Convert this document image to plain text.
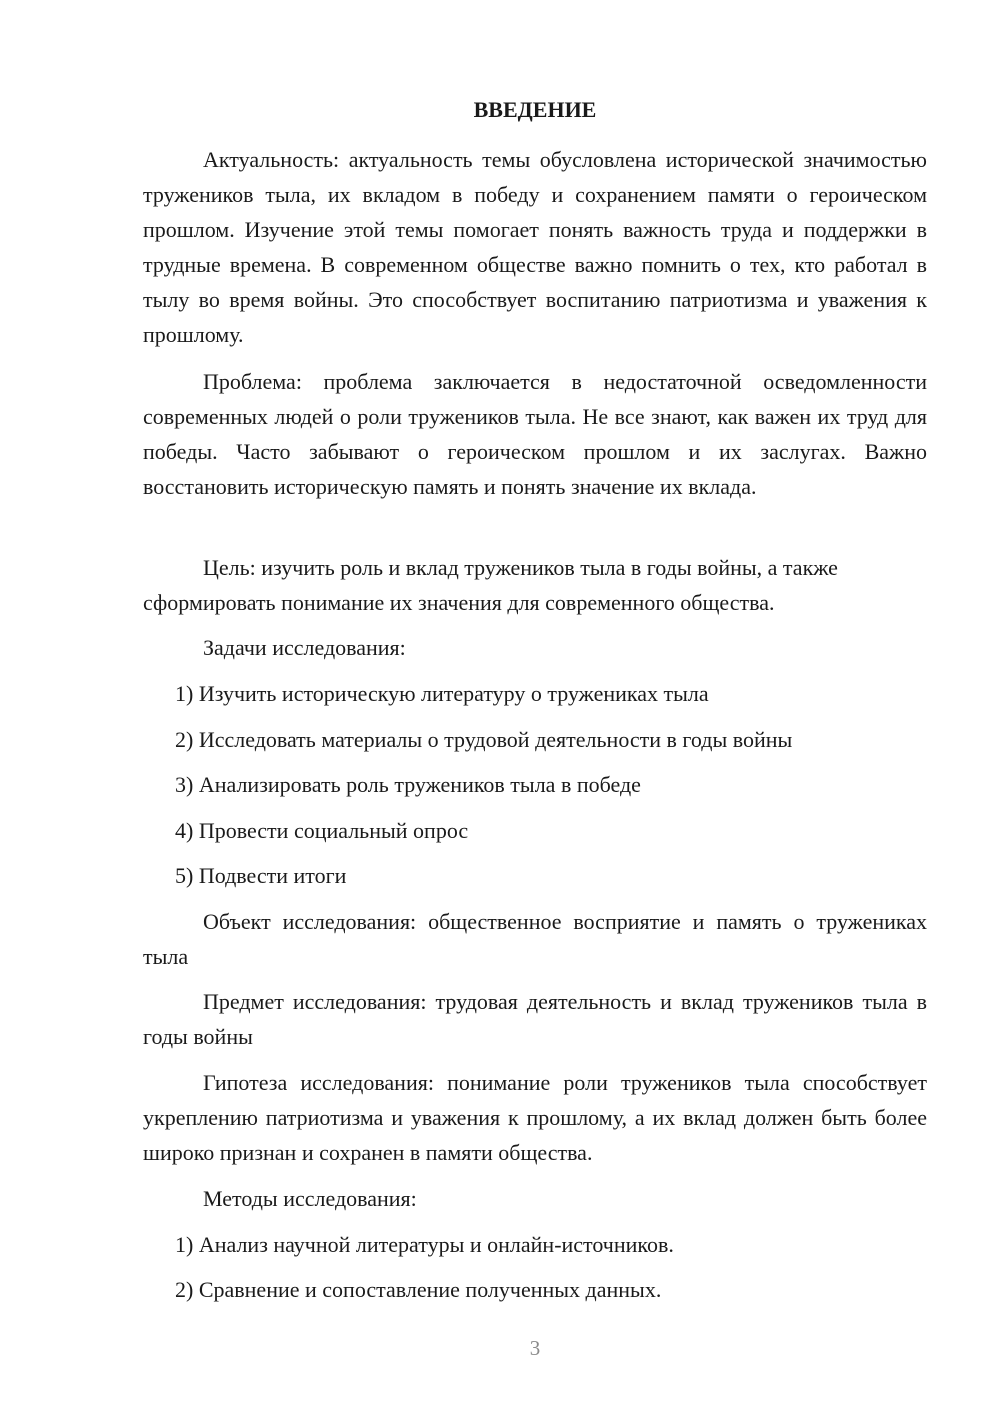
ВВЕДЕНИЕ

Актуальность: актуальность темы обусловлена исторической значимостью тружеников тыла, их вкладом в победу и сохранением памяти о героическом прошлом. Изучение этой темы помогает понять важность труда и поддержки в трудные времена. В современном обществе важно помнить о тех, кто работал в тылу во время войны. Это способствует воспитанию патриотизма и уважения к прошлому.

Проблема: проблема заключается в недостаточной осведомленности современных людей о роли тружеников тыла. Не все знают, как важен их труд для победы. Часто забывают о героическом прошлом и их заслугах. Важно восстановить историческую память и понять значение их вклада.

Цель: изучить роль и вклад тружеников тыла в годы войны, а также сформировать понимание их значения для современного общества.

Задачи исследования:

1) Изучить историческую литературу о тружениках тыла

2) Исследовать материалы о трудовой деятельности в годы войны

3) Анализировать роль тружеников тыла в победе

4) Провести социальный опрос

5) Подвести итоги

Объект исследования: общественное восприятие и память о тружениках тыла

Предмет исследования: трудовая деятельность и вклад тружеников тыла в годы войны

Гипотеза исследования: понимание роли тружеников тыла способствует укреплению патриотизма и уважения к прошлому, а их вклад должен быть более широко признан и сохранен в памяти общества.

Методы исследования:

1) Анализ научной литературы и онлайн-источников.

2) Сравнение и сопоставление полученных данных.

3
